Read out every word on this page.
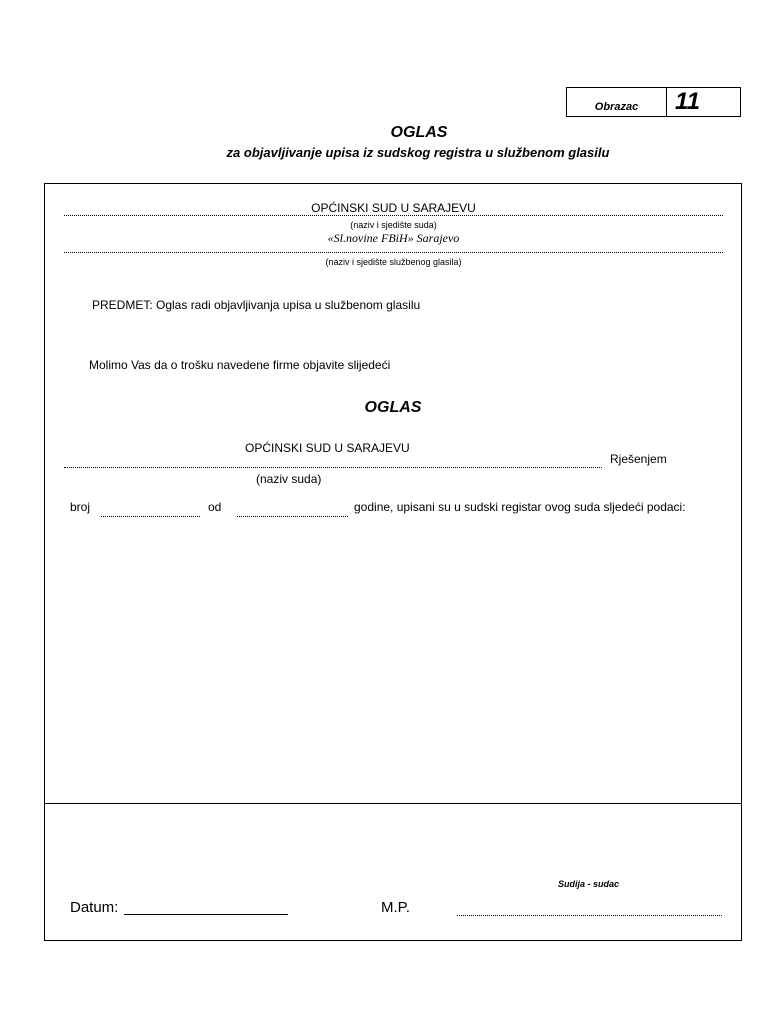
Obrazac	11
OGLAS
za objavljivanje upisa iz sudskog registra u službenom glasilu
OPĆINSKI SUD U SARAJEVU
(naziv i sjedište suda)
«Sl.novine FBiH» Sarajevo
(naziv i sjedište službenog glasila)
PREDMET: Oglas radi objavljivanja upisa u službenom glasilu
Molimo Vas da o trošku navedene firme objavite slijedeći
OGLAS
OPĆINSKI SUD U SARAJEVU
Rješenjem
(naziv suda)
broj	od	godine, upisani su u sudski registar ovog suda sljedeći podaci:
Sudija - sudac
Datum:	M.P.
